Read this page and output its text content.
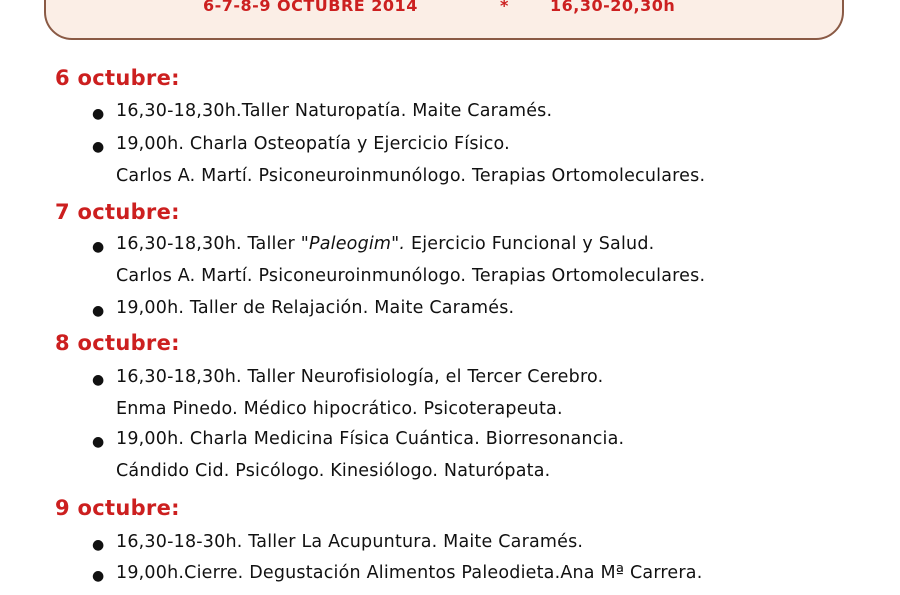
6-7-8-9 OCTUBRE 2014

	*

	16,30-20,30h

6 octubre:
● 16,30-18,30h.Taller Naturopatía. Maite Caramés.
● 19,00h. Charla Osteopatía y Ejercicio Físico.
Carlos A. Martí. Psiconeuroinmunólogo. Terapias Ortomoleculares.
7 octubre:
● 16,30-18,30h. Taller "Paleogim". Ejercicio Funcional y Salud.
Carlos A. Martí. Psiconeuroinmunólogo. Terapias Ortomoleculares.
● 19,00h. Taller de Relajación. Maite Caramés.
8 octubre:
● 16,30-18,30h. Taller Neurofisiología, el Tercer Cerebro.
Enma Pinedo. Médico hipocrático. Psicoterapeuta.
● 19,00h. Charla Medicina Física Cuántica. Biorresonancia.
Cándido Cid. Psicólogo. Kinesiólogo. Naturópata.
9 octubre:
● 16,30-18-30h. Taller La Acupuntura. Maite Caramés.
● 19,00h.Cierre. Degustación Alimentos Paleodieta.Ana Mª Carrera.
